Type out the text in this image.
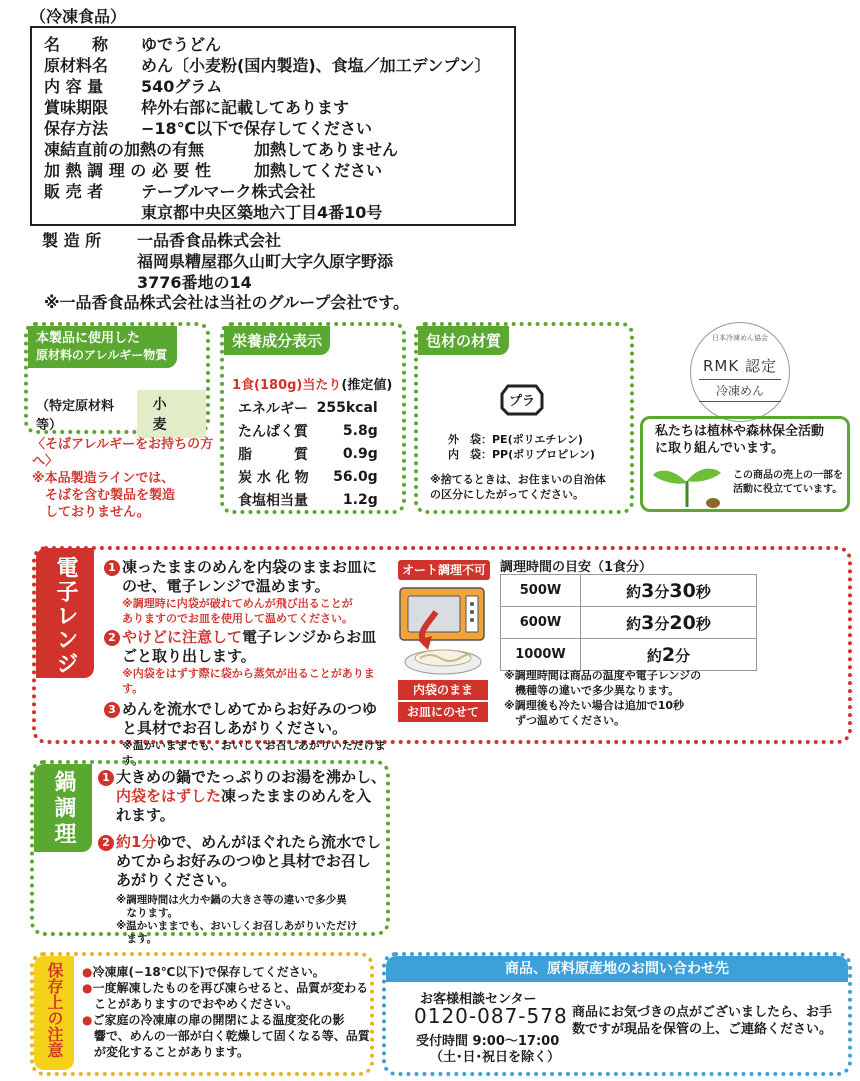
（冷凍食品）
名　　称	ゆでうどん
原材料名	めん〔小麦粉(国内製造)、食塩／加工デンプン〕
内 容 量	540グラム
賞味期限	枠外右部に記載してあります
保存方法	−18℃以下で保存してください
凍結直前の加熱の有無	加熱してありません
加 熱 調 理 の 必 要 性	加熱してください
販 売 者	テーブルマーク株式会社
東京都中央区築地六丁目4番10号
製 造 所	一品香食品株式会社
福岡県糟屋郡久山町大字久原字野添
3776番地の14
※一品香食品株式会社は当社のグループ会社です。
本製品に使用した
原材料のアレルギー物質
（特定原材料等）
小　麦
〈そばアレルギーをお持ちの方へ〉
※本品製造ラインでは、
　そばを含む製品を製造
　しておりません。
栄養成分表示
1食(180g)当たり(推定値)
エネルギー	255kcal
たんぱく質	5.8g
脂　　　質	0.9g
炭 水 化 物	56.0g
食塩相当量	1.2g
包材の材質
プラ
外　袋：PE(ポリエチレン)
内　袋：PP(ポリプロピレン)
※捨てるときは、お住まいの自治体
の区分にしたがってください。
日本冷凍めん協会
RMK 認定
冷凍めん
私たちは植林や森林保全活動
に取り組んでいます。
この商品の売上の一部を
活動に役立てています。
電子レンジ	1 凍ったままのめんを内袋のままお皿に
のせ、電子レンジで温めます。
※調理時に内袋が破れてめんが飛び出ることが
ありますのでお皿を使用して温めてください。
2 やけどに注意して電子レンジからお皿
ごと取り出します。
※内袋をはずす際に袋から蒸気が出ることがあります。
3 めんを流水でしめてからお好みのつゆ
と具材でお召しあがりください。
※温かいままでも、おいしくお召しあがりいただけます。
オート調理不可
内袋のまま
お皿にのせて
調理時間の目安（1食分）
500W	約3分30秒
600W	約3分20秒
1000W	約2分
※調理時間は商品の温度や電子レンジの
　機種等の違いで多少異なります。
※調理後も冷たい場合は追加で10秒
　ずつ温めてください。
鍋調理	1 大きめの鍋でたっぷりのお湯を沸かし、
内袋をはずした凍ったままのめんを入
れます。
2 約1分ゆで、めんがほぐれたら流水でし
めてからお好みのつゆと具材でお召し
あがりください。
※調理時間は火力や鍋の大きさ等の違いで多少異
　なります。
※温かいままでも、おいしくお召しあがりいただけ
　ます。
保存上の注意	●冷凍庫(−18℃以下)で保存してください。
●一度解凍したものを再び凍らせると、品質が変わる
ことがありますのでおやめください。
●ご家庭の冷凍庫の扉の開閉による温度変化の影
響で、めんの一部が白く乾燥して固くなる等、品質
が変化することがあります。
商品、原料原産地のお問い合わせ先
お客様相談センター
0120-087-578
受付時間 9:00〜17:00
（土･日･祝日を除く）
商品にお気づきの点がございましたら、お手数ですが現品を保管の上、ご連絡ください。
